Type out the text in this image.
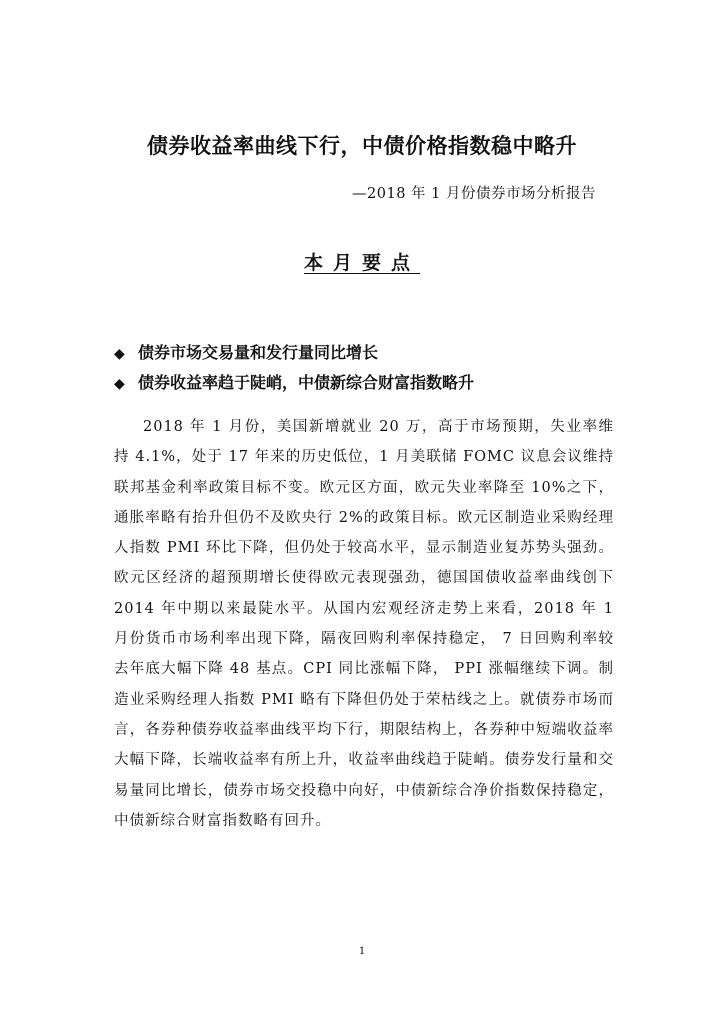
债券收益率曲线下行，中债价格指数稳中略升
—2018 年 1 月份债券市场分析报告
本月要点
◆ 债券市场交易量和发行量同比增长
◆ 债券收益率趋于陡峭，中债新综合财富指数略升

2018 年 1 月份，美国新增就业 20 万，高于市场预期，失业率维持 4.1%，处于 17 年来的历史低位，1 月美联储 FOMC 议息会议维持联邦基金利率政策目标不变。欧元区方面，欧元失业率降至 10%之下，通胀率略有抬升但仍不及欧央行 2%的政策目标。欧元区制造业采购经理人指数 PMI 环比下降，但仍处于较高水平，显示制造业复苏势头强劲。欧元区经济的超预期增长使得欧元表现强劲，德国国债收益率曲线创下 2014 年中期以来最陡水平。从国内宏观经济走势上来看，2018 年 1 月份货币市场利率出现下降，隔夜回购利率保持稳定， 7 日回购利率较去年底大幅下降 48 基点。CPI 同比涨幅下降， PPI 涨幅继续下调。制造业采购经理人指数 PMI 略有下降但仍处于荣枯线之上。就债券市场而言，各券种债券收益率曲线平均下行，期限结构上，各券种中短端收益率大幅下降，长端收益率有所上升，收益率曲线趋于陡峭。债券发行量和交易量同比增长，债券市场交投稳中向好，中债新综合净价指数保持稳定，中债新综合财富指数略有回升。

1
